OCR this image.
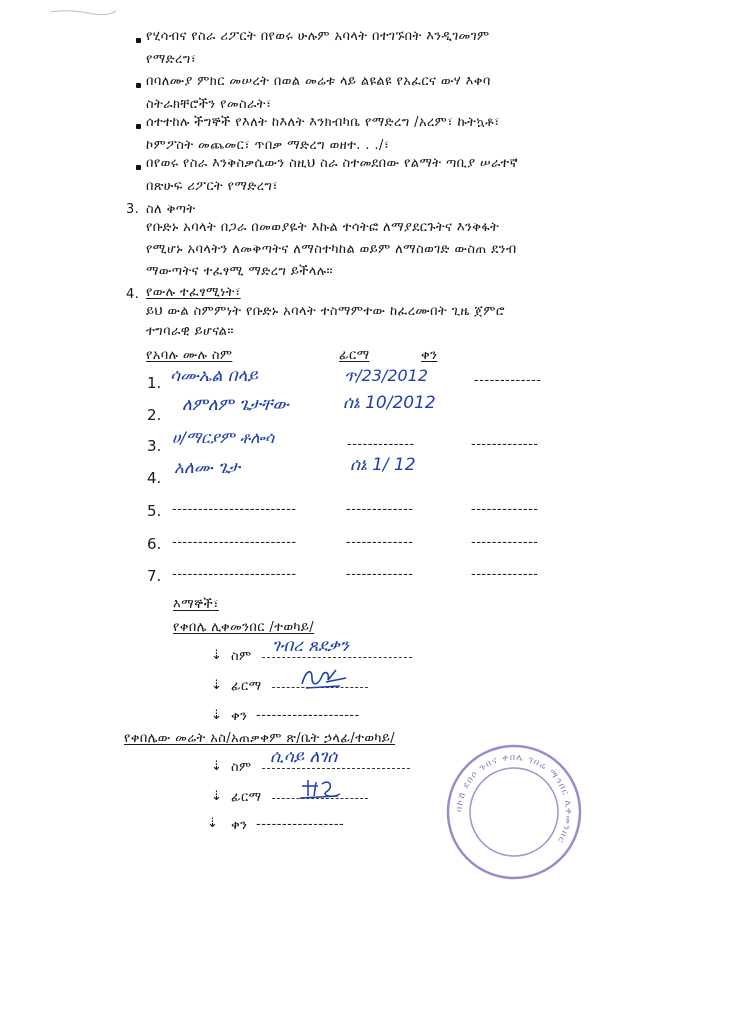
የሂሳብና የስራ ሪፖርት በየወሩ ሁሉም አባላት በተገኙበት እንዲገመገም
የማድረግ፣
በባለሙያ ምክር መሠረት በወል መሬቱ ላይ ልዩልዩ የአፈርና ውሃ እቀባ
ስትራክቸሮችን የመስራት፣
ሰተተከሉ ችግኞች የእለት ከእለት እንክብካቤ የማድረግ /አረም፣ ኩትኳቶ፣
ኮምፖስት መጨመር፣ ጥበቃ ማድረግ ወዘተ. . ./፣
በየወሩ የስራ እንቅስቃሴውን ስዚህ ስራ ስተመደበው የልማት ጣቢያ ሠራተኛ
በጽሁፍ ሪፖርት የማድረግ፣
3. ስለ ቅጣት
የቡድኑ አባላት በጋራ በመወያዬት እኩል ተሳትፎ ለማያደርጉትና እንቅፋት
የሚሆኑ አባላትን ለመቅጣትና ለማስተካከል ወይም ለማስወገድ ውስጠ ደንብ
ማውጣትና ተፈፃሚ ማድረግ ይችላሉ።
4. የውሉ ተፈፃሚነት፣
ይህ ውል ስምምነት የቡድኑ አባላት ተስማምተው ከፈረሙበት ጊዜ ጀምሮ
ተግባራዊ ይሆናል።
የአባሉ ሙሉ ስም	ፊርማ	ቀን
1. ሳሙኤል በላይ	ጥ/23/2012	-------------
2. ለምለም ጌታቸው	ሰኔ 10/2012
3. ሀ/ማርያም ቶሎሳ	-------------	-------------
4. አለሙ ጌታ	ሰኔ 1/ 12
5. ------------------------	-------------	-------------
6. ------------------------	-------------	-------------
7. ------------------------	-------------	-------------
እማኞች፣
የቀበሌ ሊቀመንበር /ተወካይ/
⇣ ስም
ገብረ ጸደቃን
⇣ ፊርማ
⇣ ቀን --------------------
የቀበሌው መሬት አስ/አጠቃቀም ጽ/ቤት ኃላፊ/ተወካይ/
⇣ ስም
ሲሳይ ለገሰ
⇣ ፊርማ
⇣ ቀን -----------------
ባኮሽ ደበሶ ጉበና ቀበሌ ገበሬ ማኅበር ሊቀመንበር
